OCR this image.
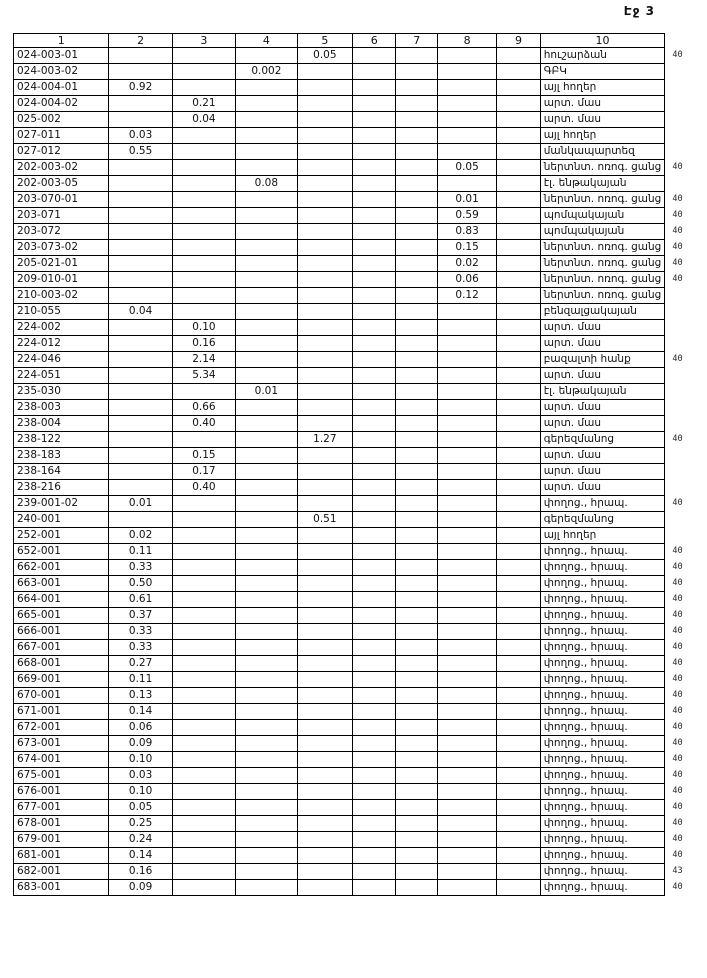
Էջ 3
1	2	3	4	5	6	7	8	9	10	
024-003-01				0.05					հուշարձան	40
024-003-02			0.002						ԳԲԿ	
024-004-01	0.92								այլ հողեր	
024-004-02		0.21							արտ. մաս	
025-002		0.04							արտ. մաս	
027-011	0.03								այլ հողեր	
027-012	0.55								մանկապարտեզ	
202-003-02							0.05		ներտնտ. ոռոգ. ցանց	40
202-003-05			0.08						էլ. ենթակայան	
203-070-01							0.01		ներտնտ. ոռոգ. ցանց	40
203-071							0.59		պոմպակայան	40
203-072							0.83		պոմպակայան	40
203-073-02							0.15		ներտնտ. ոռոգ. ցանց	40
205-021-01							0.02		ներտնտ. ոռոգ. ցանց	40
209-010-01							0.06		ներտնտ. ոռոգ. ցանց	40
210-003-02							0.12		ներտնտ. ոռոգ. ցանց	
210-055	0.04								բենզալցակայան	
224-002		0.10							արտ. մաս	
224-012		0.16							արտ. մաս	
224-046		2.14							բազալտի հանք	40
224-051		5.34							արտ. մաս	
235-030			0.01						էլ. ենթակայան	
238-003		0.66							արտ. մաս	
238-004		0.40							արտ. մաս	
238-122				1.27					գերեզմանոց	40
238-183		0.15							արտ. մաս	
238-164		0.17							արտ. մաս	
238-216		0.40							արտ. մաս	
239-001-02	0.01								փողոց., հրապ.	40
240-001				0.51					գերեզմանոց	
252-001	0.02								այլ հողեր	
652-001	0.11								փողոց., հրապ.	40
662-001	0.33								փողոց., հրապ.	40
663-001	0.50								փողոց., հրապ.	40
664-001	0.61								փողոց., հրապ.	40
665-001	0.37								փողոց., հրապ.	40
666-001	0.33								փողոց., հրապ.	40
667-001	0.33								փողոց., հրապ.	40
668-001	0.27								փողոց., հրապ.	40
669-001	0.11								փողոց., հրապ.	40
670-001	0.13								փողոց., հրապ.	40
671-001	0.14								փողոց., հրապ.	40
672-001	0.06								փողոց., հրապ.	40
673-001	0.09								փողոց., հրապ.	40
674-001	0.10								փողոց., հրապ.	40
675-001	0.03								փողոց., հրապ.	40
676-001	0.10								փողոց., հրապ.	40
677-001	0.05								փողոց., հրապ.	40
678-001	0.25								փողոց., հրապ.	40
679-001	0.24								փողոց., հրապ.	40
681-001	0.14								փողոց., հրապ.	40
682-001	0.16								փողոց., հրապ.	43
683-001	0.09								փողոց., հրապ.	40
